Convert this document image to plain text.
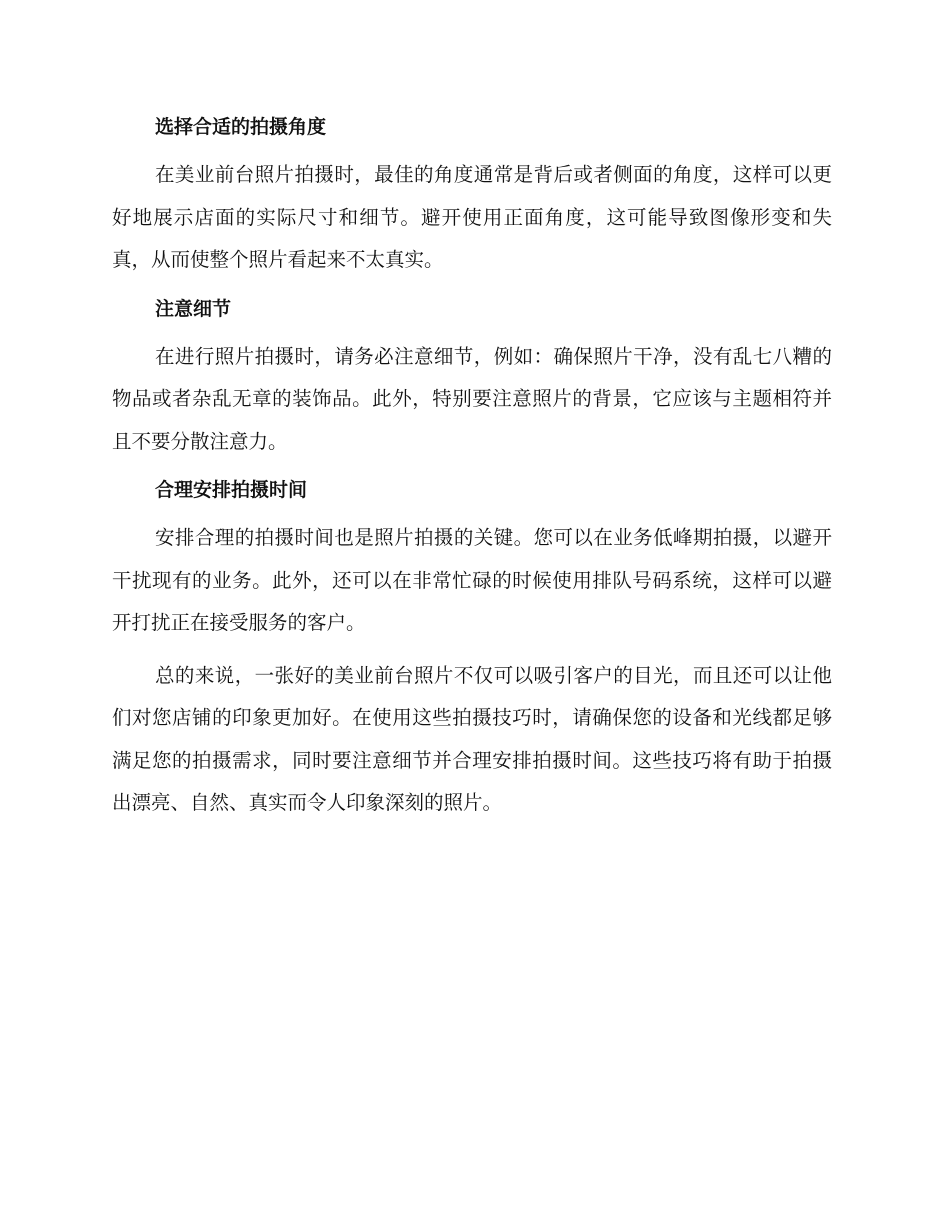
选择合适的拍摄角度

在美业前台照片拍摄时，最佳的角度通常是背后或者侧面的角度，这样可以更好地展示店面的实际尺寸和细节。避开使用正面角度，这可能导致图像形变和失真，从而使整个照片看起来不太真实。

注意细节

在进行照片拍摄时，请务必注意细节，例如：确保照片干净，没有乱七八糟的物品或者杂乱无章的装饰品。此外，特别要注意照片的背景，它应该与主题相符并且不要分散注意力。

合理安排拍摄时间

安排合理的拍摄时间也是照片拍摄的关键。您可以在业务低峰期拍摄，以避开干扰现有的业务。此外，还可以在非常忙碌的时候使用排队号码系统，这样可以避开打扰正在接受服务的客户。

总的来说，一张好的美业前台照片不仅可以吸引客户的目光，而且还可以让他们对您店铺的印象更加好。在使用这些拍摄技巧时，请确保您的设备和光线都足够满足您的拍摄需求，同时要注意细节并合理安排拍摄时间。这些技巧将有助于拍摄出漂亮、自然、真实而令人印象深刻的照片。
